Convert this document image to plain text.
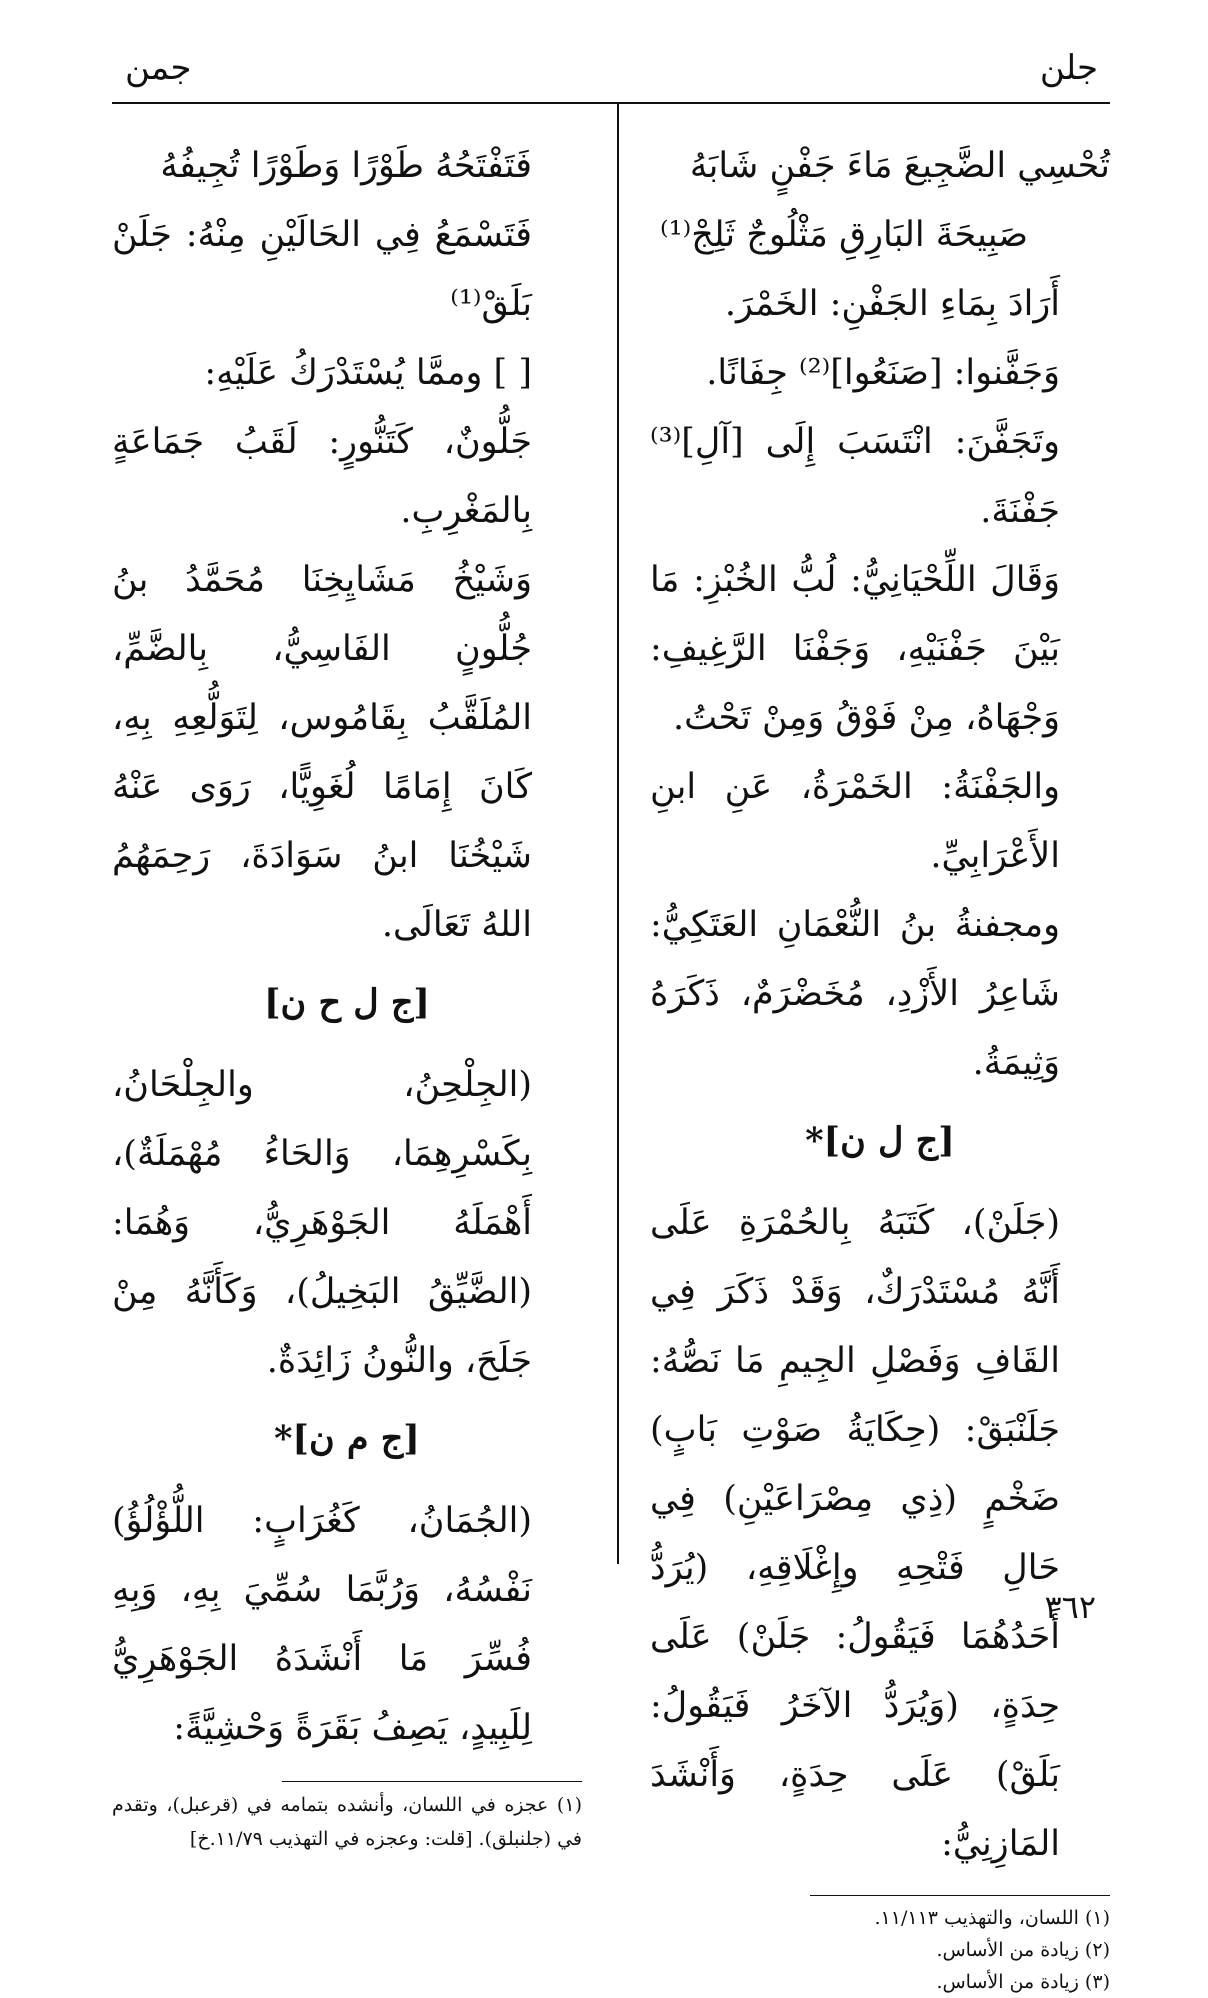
جلن
جمن

تُحْسِي الضَّجِيعَ مَاءَ جَفْنٍ شَابَهُ

صَبِيحَةَ البَارِقِ مَثْلُوجٌ ثَلِجْ⁽¹⁾

أَرَادَ بِمَاءِ الجَفْنِ: الخَمْرَ.

وَجَفَّنوا: [صَنَعُوا]⁽²⁾ جِفَانًا.

وتَجَفَّنَ: انْتَسَبَ إِلَى [آلِ]⁽³⁾ جَفْنَةَ.

وَقَالَ اللِّحْيَانِيُّ: لُبُّ الخُبْزِ: مَا بَيْنَ جَفْنَيْهِ، وَجَفْنَا الرَّغِيفِ: وَجْهَاهُ، مِنْ فَوْقُ وَمِنْ تَحْتُ.

والجَفْنَةُ: الخَمْرَةُ، عَنِ ابنِ الأَعْرَابِيِّ.

ومجفنةُ بنُ النُّعْمَانِ العَتَكِيُّ: شَاعِرُ الأَزْدِ، مُخَضْرَمٌ، ذَكَرَهُ وَثِيمَةُ.

[ج ل ن]*

(جَلَنْ)، كَتَبَهُ بِالحُمْرَةِ عَلَى أَنَّهُ مُسْتَدْرَكٌ، وَقَدْ ذَكَرَ فِي القَافِ وَفَصْلِ الجِيمِ مَا نَصُّهُ: جَلَنْبَقْ: (حِكَايَةُ صَوْتِ بَابٍ) ضَخْمٍ (ذِي مِصْرَاعَيْنِ) فِي حَالِ فَتْحِهِ وإِغْلَاقِهِ، (يُرَدُّ أَحَدُهُمَا فَيَقُولُ: جَلَنْ) عَلَى حِدَةٍ، (وَيُرَدُّ الآخَرُ فَيَقُولُ: بَلَقْ) عَلَى حِدَةٍ، وَأَنْشَدَ المَازِنِيُّ:

(١) اللسان، والتهذيب ١١/١١٣.
(٢) زيادة من الأساس.
(٣) زيادة من الأساس.

فَتَفْتَحُهُ طَوْرًا وَطَوْرًا تُجِيفُهُ

فَتَسْمَعُ فِي الحَالَيْنِ مِنْهُ: جَلَنْ بَلَقْ⁽¹⁾

[ ] وممَّا يُسْتَدْرَكُ عَلَيْهِ:

جَلُّونٌ، كَتَنُّورٍ: لَقَبُ جَمَاعَةٍ بِالمَغْرِبِ.

وَشَيْخُ مَشَايِخِنَا مُحَمَّدُ بنُ جُلُّونٍ الفَاسِيُّ، بِالضَّمِّ، المُلَقَّبُ بِقَامُوس، لِتَوَلُّعِهِ بِهِ، كَانَ إِمَامًا لُغَوِيًّا، رَوَى عَنْهُ شَيْخُنَا ابنُ سَوَادَةَ، رَحِمَهُمُ اللهُ تَعَالَى.

[ج ل ح ن]

(الجِلْحِنُ، والجِلْحَانُ، بِكَسْرِهِمَا، وَالحَاءُ مُهْمَلَةٌ)، أَهْمَلَهُ الجَوْهَرِيُّ، وَهُمَا: (الضَّيِّقُ البَخِيلُ)، وَكَأَنَّهُ مِنْ جَلَحَ، والنُّونُ زَائِدَةٌ.

[ج م ن]*

(الجُمَانُ، كَغُرَابٍ: اللُّؤْلُؤُ) نَفْسُهُ، وَرُبَّمَا سُمِّيَ بِهِ، وَبِهِ فُسِّرَ مَا أَنْشَدَهُ الجَوْهَرِيُّ لِلَبِيدٍ، يَصِفُ بَقَرَةً وَحْشِيَّةً:

(١) عجزه في اللسان، وأنشده بتمامه في (قرعبل)، وتقدم في (جلنبلق). [قلت: وعجزه في التهذيب ١١/٧٩.خ]
٣٦٢
